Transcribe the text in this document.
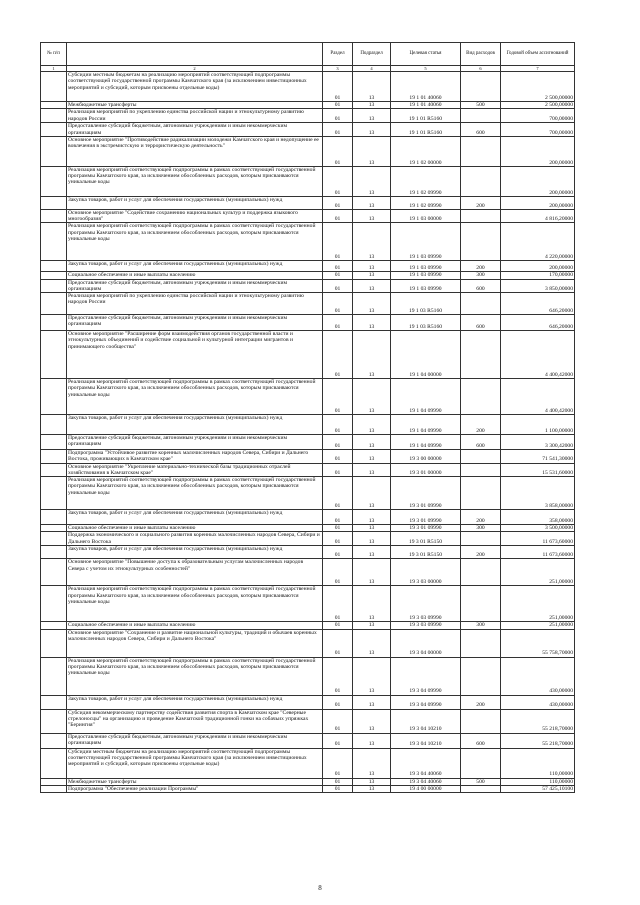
№ п/п		Раздел	Подраздел	Целевая статья	Вид расходов	Годовой объем ассигнований
1	2	3	4	5	6	7
	Субсидии местным бюджетам на реализацию мероприятий соответствующей подпрограммы соответствующей государственной программы Камчатского края (за исключением инвестиционных мероприятий и субсидий, которым присвоены отдельные коды)	01	13	19 1 01 40060		2 500,00000
	Межбюджетные трансферты	01	13	19 1 01 40060	500	2 500,00000
	Реализация мероприятий по укреплению единства российской нации и этнокультурному развитию народов России	01	13	19 1 01 R5160		700,00000
	Предоставление субсидий бюджетным, автономным учреждениям и иным некоммерческим организациям	01	13	19 1 01 R5160	600	700,00000
	Основное мероприятие "Противодействие радикализации молодежи Камчатского края и недопущение ее вовлечения в экстремистскую и террористическую деятельность"	01	13	19 1 02 00000		200,00000
	Реализация мероприятий соответствующей подпрограммы в рамках соответствующей государственной программы Камчатского края, за исключением обособленных расходов, которым присваиваются уникальные коды	01	13	19 1 02 09990		200,00000
	Закупка товаров, работ и услуг для обеспечения государственных (муниципальных) нужд	01	13	19 1 02 09990	200	200,00000
	Основное мероприятие "Содействие сохранению национальных культур и поддержка языкового многообразия"	01	13	19 1 03 00000		4 816,20000
	Реализация мероприятий соответствующей подпрограммы в рамках соответствующей государственной программы Камчатского края, за исключением обособленных расходов, которым присваиваются уникальные коды	01	13	19 1 03 09990		4 220,00000
	Закупка товаров, работ и услуг для обеспечения государственных (муниципальных) нужд	01	13	19 1 03 09990	200	200,00000
	Социальное обеспечение и иные выплаты населению	01	13	19 1 03 09990	300	170,00000
	Предоставление субсидий бюджетным, автономным учреждениям и иным некоммерческим организациям	01	13	19 1 03 09990	600	3 850,00000
	Реализация мероприятий по укреплению единства российской нации и этнокультурному развитию народов России	01	13	19 1 03 R5160		646,20000
	Предоставление субсидий бюджетным, автономным учреждениям и иным некоммерческим организациям	01	13	19 1 03 R5160	600	646,20000
	Основное мероприятие "Расширение форм взаимодействия органов государственной власти и этнокультурных объединений и содействие социальной и культурной интеграции мигрантов и принимающего сообщества"	01	13	19 1 04 00000		4 400,42000
	Реализация мероприятий соответствующей подпрограммы в рамках соответствующей государственной программы Камчатского края, за исключением обособленных расходов, которым присваиваются уникальные коды	01	13	19 1 04 09990		4 400,42000
	Закупка товаров, работ и услуг для обеспечения государственных (муниципальных) нужд	01	13	19 1 04 09990	200	1 100,00000
	Предоставление субсидий бюджетным, автономным учреждениям и иным некоммерческим организациям	01	13	19 1 04 09990	600	3 300,42000
	Подпрограмма "Устойчивое развитие коренных малочисленных народов Севера, Сибири и Дальнего Востока, проживающих в Камчатском крае"	01	13	19 3 00 00000		71 541,30000
	Основное мероприятие "Укрепление материально-технической базы традиционных отраслей хозяйствования в Камчатском крае"	01	13	19 3 01 00000		15 531,60000
	Реализация мероприятий соответствующей подпрограммы в рамках соответствующей государственной программы Камчатского края, за исключением обособленных расходов, которым присваиваются уникальные коды	01	13	19 3 01 09990		3 858,00000
	Закупка товаров, работ и услуг для обеспечения государственных (муниципальных) нужд	01	13	19 3 01 09990	200	358,00000
	Социальное обеспечение и иные выплаты населению	01	13	19 3 01 09990	300	3 500,00000
	Поддержка экономического и социального развития коренных малочисленных народов Севера, Сибири и Дальнего Востока	01	13	19 3 01 R5150		11 673,60000
	Закупка товаров, работ и услуг для обеспечения государственных (муниципальных) нужд	01	13	19 3 01 R5150	200	11 673,60000
	Основное мероприятие "Повышение доступа к образовательным услугам малочисленных народов Севера с учетом их этнокультурных особенностей"	01	13	19 3 03 00000		251,00000
	Реализация мероприятий соответствующей подпрограммы в рамках соответствующей государственной программы Камчатского края, за исключением обособленных расходов, которым присваиваются уникальные коды	01	13	19 3 03 09990		251,00000
	Социальное обеспечение и иные выплаты населению	01	13	19 3 03 09990	300	251,00000
	Основное мероприятие "Сохранение и развитие национальной культуры, традиций и обычаев коренных малочисленных народов Севера, Сибири и Дальнего Востока"	01	13	19 3 04 00000		55 758,70000
	Реализация мероприятий соответствующей подпрограммы в рамках соответствующей государственной программы Камчатского края, за исключением обособленных расходов, которым присваиваются уникальные коды	01	13	19 3 04 09990		430,00000
	Закупка товаров, работ и услуг для обеспечения государственных (муниципальных) нужд	01	13	19 3 04 09990	200	430,00000
	Субсидия некоммерческому партнерству содействия развития спорта в Камчатском крае "Северные стрелоносцы" на организацию и проведение Камчатской традиционной гонки на собачьих упряжках "Берингия"	01	13	19 3 04 10210		55 218,70000
	Предоставление субсидий бюджетным, автономным учреждениям и иным некоммерческим организациям	01	13	19 3 04 10210	600	55 218,70000
	Субсидии местным бюджетам на реализацию мероприятий соответствующей подпрограммы соответствующей государственной программы Камчатского края (за исключением инвестиционных мероприятий и субсидий, которым присвоены отдельные коды)	01	13	19 3 04 40060		110,00000
	Межбюджетные трансферты	01	13	19 3 04 40060	500	110,00000
	Подпрограмма "Обеспечение реализации Программы"	01	13	19 4 00 00000		57 425,10100
8
